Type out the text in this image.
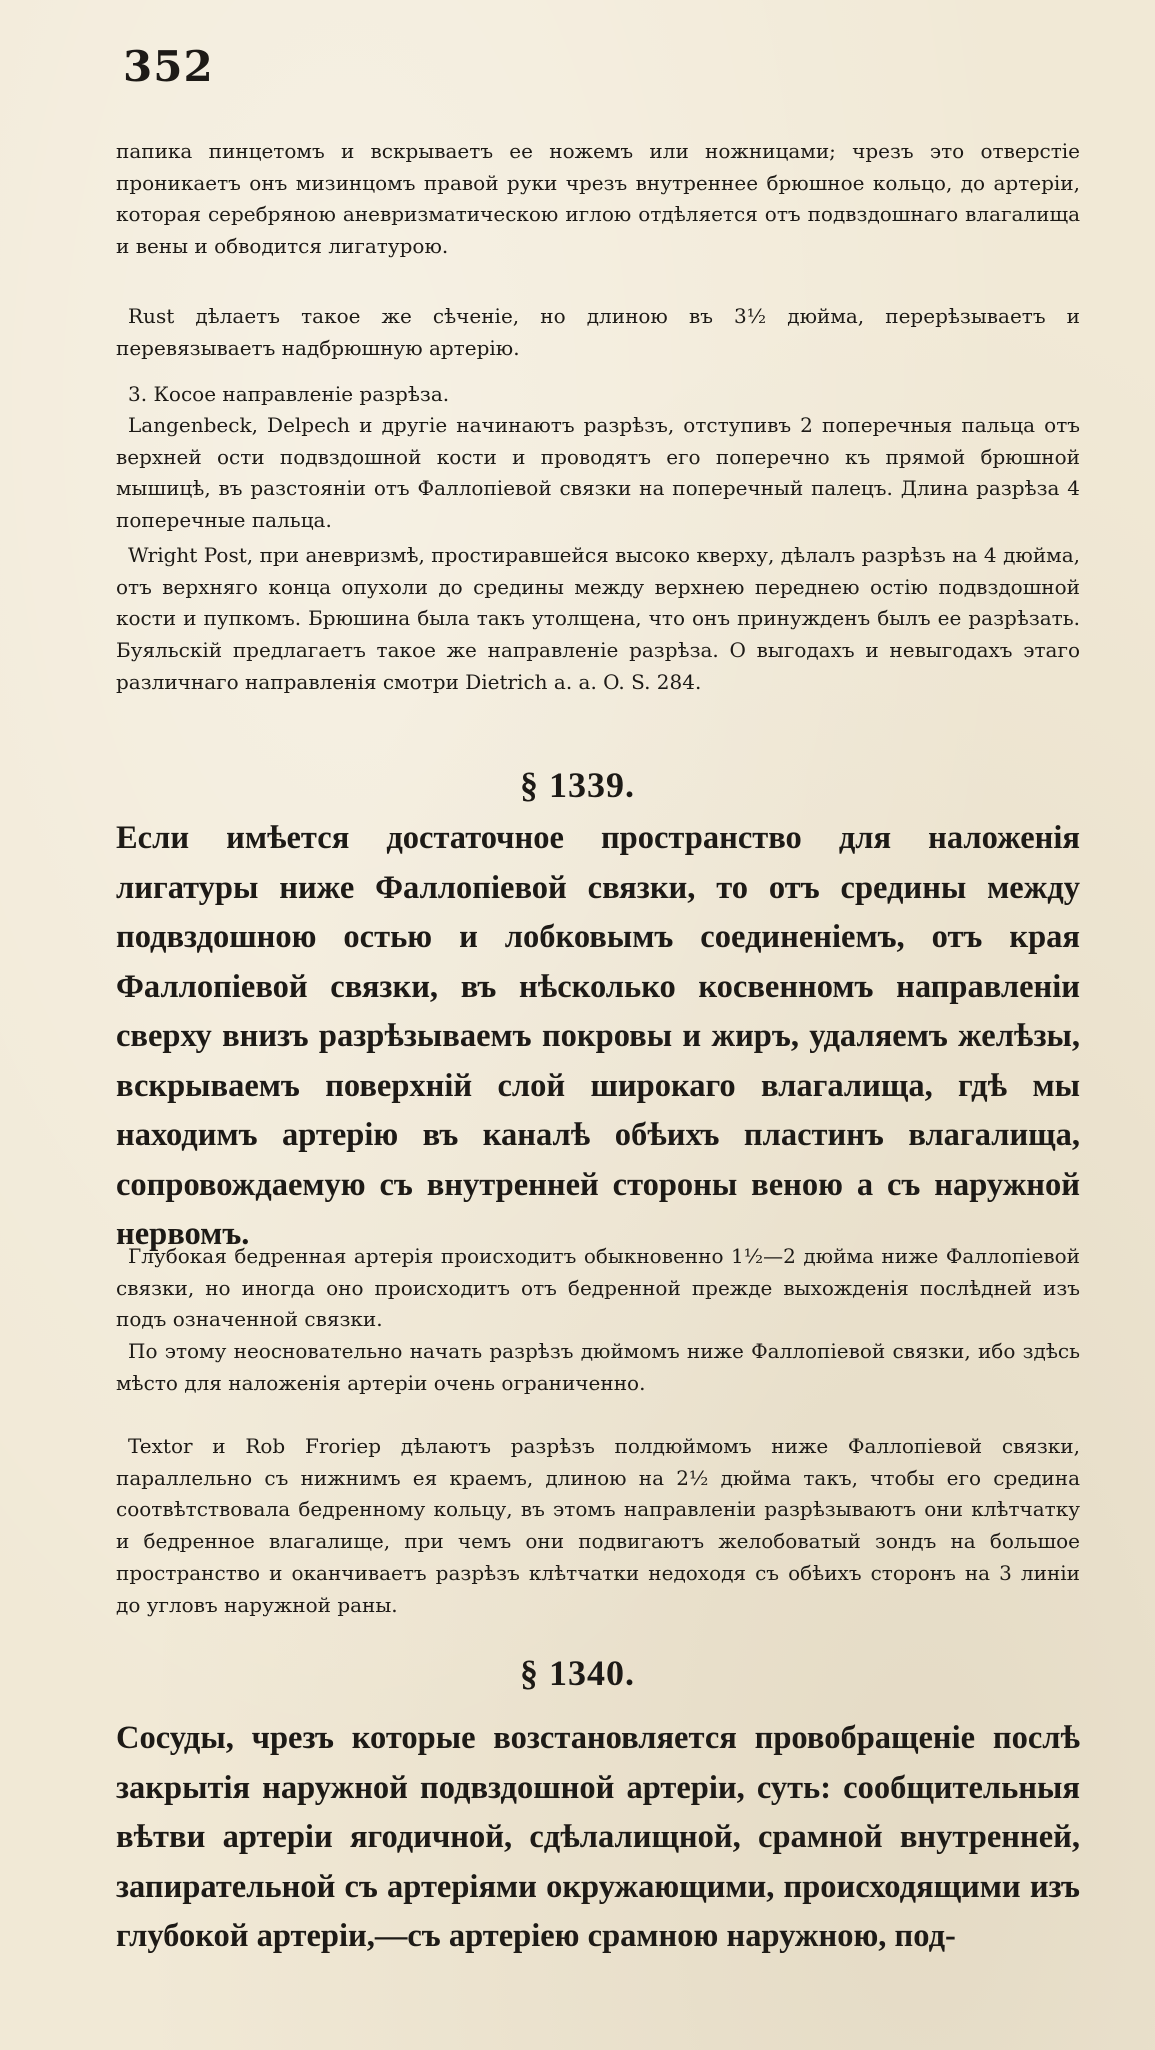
352

папика пинцетомъ и вскрываетъ ее ножемъ или ножницами; чрезъ это отверстіе проникаетъ онъ мизинцомъ правой руки чрезъ внутреннее брюшное кольцо, до артеріи, которая серебряною аневризматическою иглою отдѣляется отъ подвздошнаго влагалища и вены и обводится лигатурою.

Rust дѣлаетъ такое же сѣченіе, но длиною въ 3½ дюйма, перерѣзываетъ и перевязываетъ надбрюшную артерію.

3. Косое направленіе разрѣза.

Langenbeck, Delpech и другіе начинаютъ разрѣзъ, отступивъ 2 поперечныя пальца отъ верхней ости подвздошной кости и проводятъ его поперечно къ прямой брюшной мышицѣ, въ разстояніи отъ Фаллопіевой связки на поперечный палецъ. Длина разрѣза 4 поперечные пальца.

Wright Post, при аневризмѣ, простиравшейся высоко кверху, дѣлалъ разрѣзъ на 4 дюйма, отъ верхняго конца опухоли до средины между верхнею переднею остію подвздошной кости и пупкомъ. Брюшина была такъ утолщена, что онъ принужденъ былъ ее разрѣзать. Буяльскій предлагаетъ такое же направленіе разрѣза. О выгодахъ и невыгодахъ этаго различнаго направленія смотри Dietrich a. a. O. S. 284.

§ 1339.

Если имѣется достаточное пространство для наложенія лигатуры ниже Фаллопіевой связки, то отъ средины между подвздошною остью и лобковымъ соединеніемъ, отъ края Фаллопіевой связки, въ нѣсколько косвенномъ направленіи сверху внизъ разрѣзываемъ покровы и жиръ, удаляемъ желѣзы, вскрываемъ поверхній слой широкаго влагалища, гдѣ мы находимъ артерію въ каналѣ обѣихъ пластинъ влагалища, сопровождаемую съ внутренней стороны веною а съ наружной нервомъ.

Глубокая бедренная артерія происходитъ обыкновенно 1½—2 дюйма ниже Фаллопіевой связки, но иногда оно происходитъ отъ бедренной прежде выхожденія послѣдней изъ подъ означенной связки.

По этому неосновательно начать разрѣзъ дюймомъ ниже Фаллопіевой связки, ибо здѣсь мѣсто для наложенія артеріи очень ограниченно.

Textor и Rob Froriep дѣлаютъ разрѣзъ полдюймомъ ниже Фаллопіевой связки, параллельно съ нижнимъ ея краемъ, длиною на 2½ дюйма такъ, чтобы его средина соотвѣтствовала бедренному кольцу, въ этомъ направленіи разрѣзываютъ они клѣтчатку и бедренное влагалище, при чемъ они подвигаютъ желобоватый зондъ на большое пространство и оканчиваетъ разрѣзъ клѣтчатки недоходя съ обѣихъ сторонъ на 3 линіи до угловъ наружной раны.

§ 1340.

Сосуды, чрезъ которые возстановляется провобращеніе послѣ закрытія наружной подвздошной артеріи, суть: сообщительныя вѣтви артеріи ягодичной, сдѣлалищной, срамной внутренней, запирательной съ артеріями окружающими, происходящими изъ глубокой артеріи,—съ артеріею срамною наружною, под-
